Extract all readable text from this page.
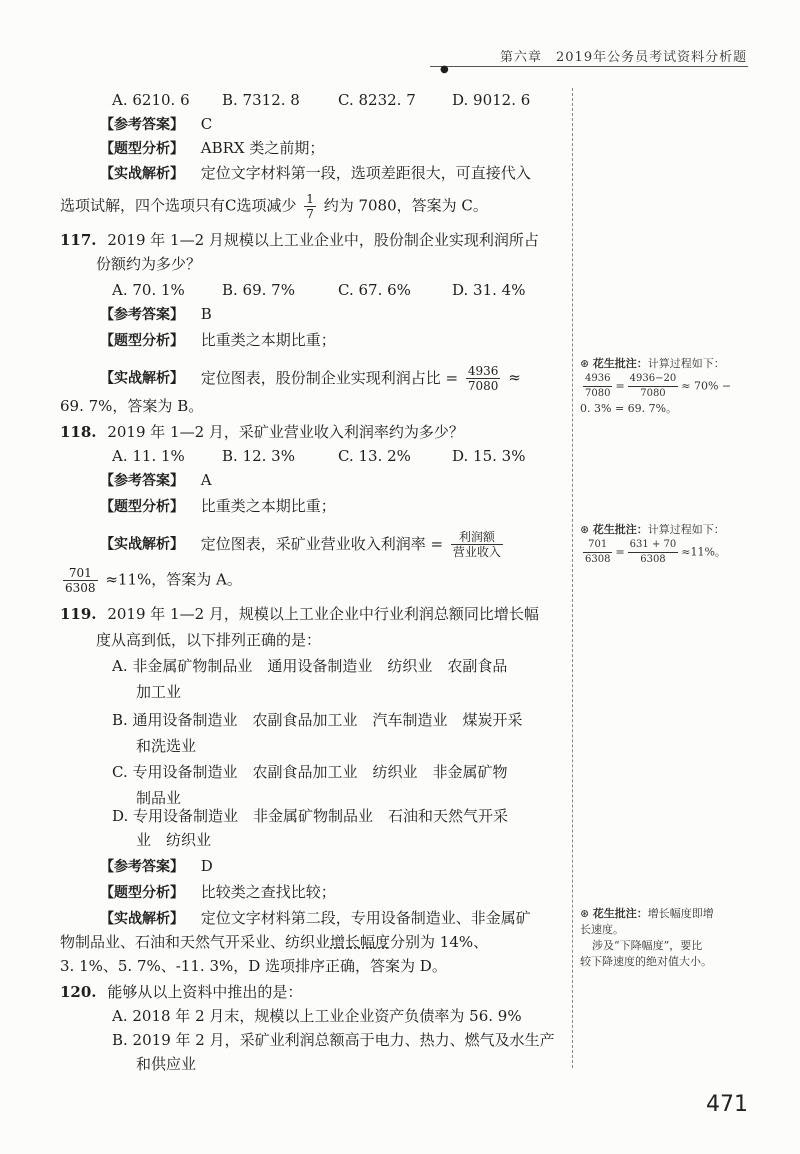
第六章　2019年公务员考试资料分析题
●
A. 6210. 6 B. 7312. 8	C. 8232. 7 D. 9012. 6
【参考答案】 C
【题型分析】 ABRX 类之前期；
【实战解析】 定位文字材料第一段，选项差距很大，可直接代入
选项试解，四个选项只有C选项减少 $\frac{1}{7}$ 约为 7080，答案为 C。
117. 2019 年 1—2 月规模以上工业企业中，股份制企业实现利润所占
份额约为多少？
A. 70. 1% B. 69. 7%	C. 67. 6%	D. 31. 4%
【参考答案】 B
【题型分析】 比重类之本期比重；
【实战解析】 定位图表，股份制企业实现利润占比 = $\frac{4936}{7080}$ ≈
69. 7%，答案为 B。
118. 2019 年 1—2 月，采矿业营业收入利润率约为多少？
A. 11. 1% B. 12. 3%	C. 13. 2%	D. 15. 3%
【参考答案】 A
【题型分析】 比重类之本期比重；
【实战解析】 定位图表，采矿业营业收入利润率 = $\frac{\text{利润额}}{\text{营业收入}}$
$\frac{701}{6308} \approx 11\%$，答案为 A。
119. 2019 年 1—2 月，规模以上工业企业中行业利润总额同比增长幅
度从高到低，以下排列正确的是：
A. 非金属矿物制品业　通用设备制造业　纺织业　农副食品
加工业
B. 通用设备制造业　农副食品加工业　汽车制造业　煤炭开采
和洗选业
C. 专用设备制造业　农副食品加工业　纺织业　非金属矿物
制品业
D. 专用设备制造业　非金属矿物制品业　石油和天然气开采
业　纺织业
【参考答案】 D
【题型分析】 比较类之查找比较；
【实战解析】 定位文字材料第二段，专用设备制造业、非金属矿
物制品业、石油和天然气开采业、纺织业增长幅度分别为 14%、
3. 1%、5. 7%、-11. 3%，D 选项排序正确，答案为 D。
120. 能够从以上资料中推出的是：
A. 2018 年 2 月末，规模以上工业企业资产负债率为 56. 9%
B. 2019 年 2 月，采矿业利润总额高于电力、热力、燃气及水生产
和供应业
⊛ 花生批注：计算过程如下：
$\frac{4936}{7080} = \frac{4936-20}{7080} \approx 70\%$ −
0. 3% = 69. 7%。
⊛ 花生批注：计算过程如下：
$\frac{701}{6308} = \frac{631 + 70}{6308} \approx 11\%$。
⊛ 花生批注：增长幅度即增
长速度。
涉及“下降幅度”，要比
较下降速度的绝对值大小。
471
